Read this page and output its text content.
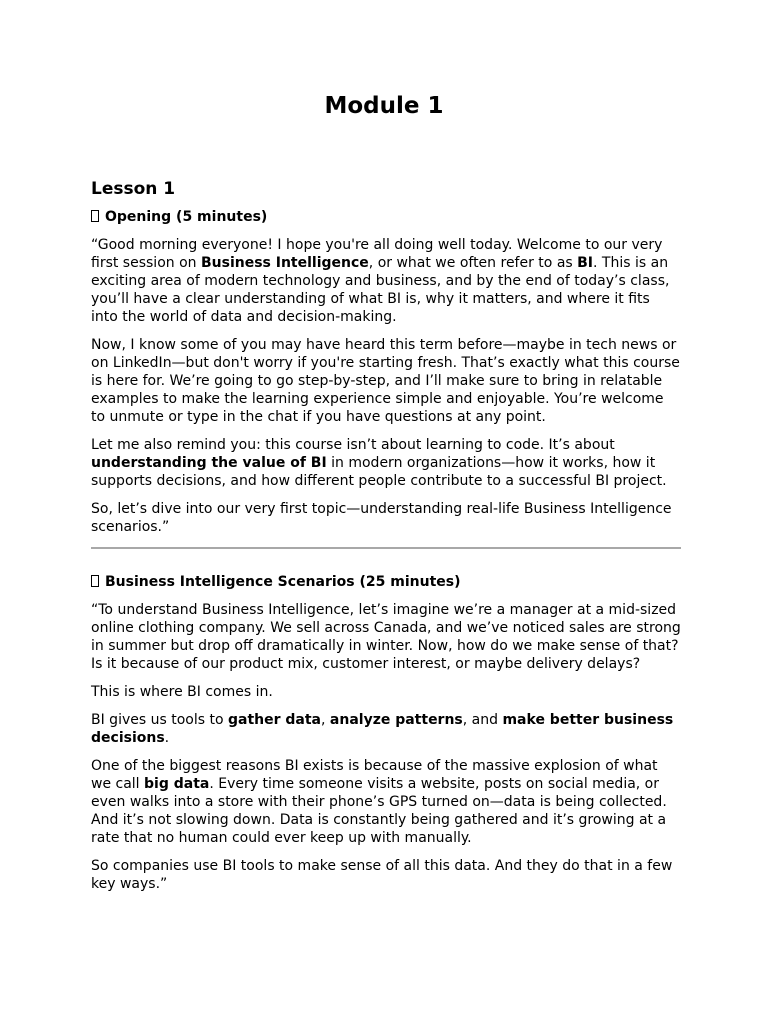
Module 1
Lesson 1
Opening (5 minutes)

“Good morning everyone! I hope you're all doing well today. Welcome to our very first session on Business Intelligence, or what we often refer to as BI. This is an exciting area of modern technology and business, and by the end of today’s class, you’ll have a clear understanding of what BI is, why it matters, and where it fits into the world of data and decision-making.

Now, I know some of you may have heard this term before—maybe in tech news or on LinkedIn—but don't worry if you're starting fresh. That’s exactly what this course is here for. We’re going to go step-by-step, and I’ll make sure to bring in relatable examples to make the learning experience simple and enjoyable. You’re welcome to unmute or type in the chat if you have questions at any point.

Let me also remind you: this course isn’t about learning to code. It’s about understanding the value of BI in modern organizations—how it works, how it supports decisions, and how different people contribute to a successful BI project.

So, let’s dive into our very first topic—understanding real-life Business Intelligence scenarios.”

Business Intelligence Scenarios (25 minutes)

“To understand Business Intelligence, let’s imagine we’re a manager at a mid-sized online clothing company. We sell across Canada, and we’ve noticed sales are strong in summer but drop off dramatically in winter. Now, how do we make sense of that? Is it because of our product mix, customer interest, or maybe delivery delays?

This is where BI comes in.

BI gives us tools to gather data, analyze patterns, and make better business decisions.

One of the biggest reasons BI exists is because of the massive explosion of what we call big data. Every time someone visits a website, posts on social media, or even walks into a store with their phone’s GPS turned on—data is being collected. And it’s not slowing down. Data is constantly being gathered and it’s growing at a rate that no human could ever keep up with manually.

So companies use BI tools to make sense of all this data. And they do that in a few key ways.”
